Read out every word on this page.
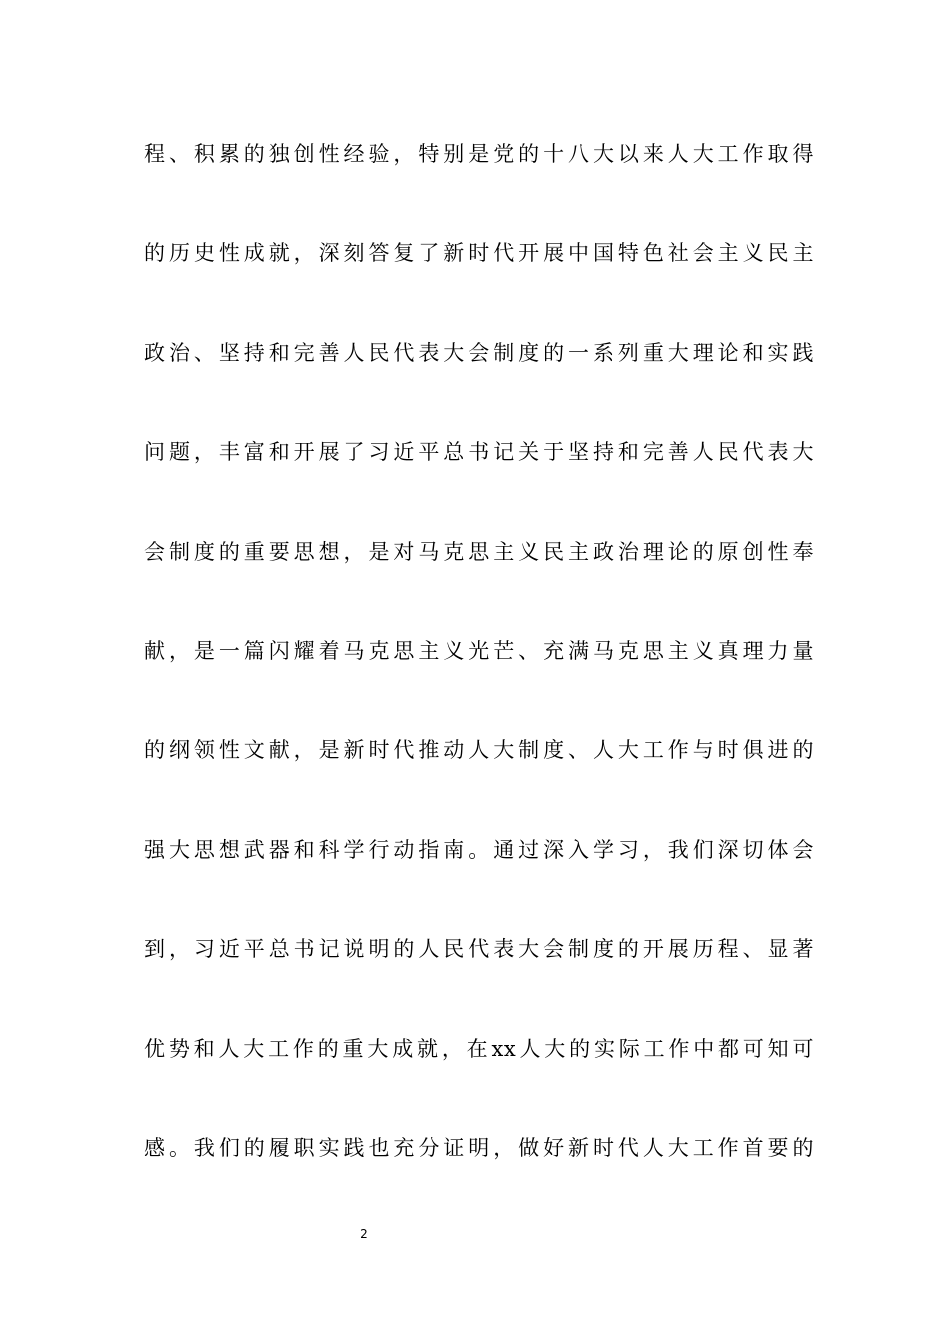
程、积累的独创性经验，特别是党的十八大以来人大工作取得
的历史性成就，深刻答复了新时代开展中国特色社会主义民主
政治、坚持和完善人民代表大会制度的一系列重大理论和实践
问题，丰富和开展了习近平总书记关于坚持和完善人民代表大
会制度的重要思想，是对马克思主义民主政治理论的原创性奉
献，是一篇闪耀着马克思主义光芒、充满马克思主义真理力量
的纲领性文献，是新时代推动人大制度、人大工作与时俱进的
强大思想武器和科学行动指南。通过深入学习，我们深切体会
到，习近平总书记说明的人民代表大会制度的开展历程、显著
优势和人大工作的重大成就，在xx人大的实际工作中都可知可
感。我们的履职实践也充分证明，做好新时代人大工作首要的
2
